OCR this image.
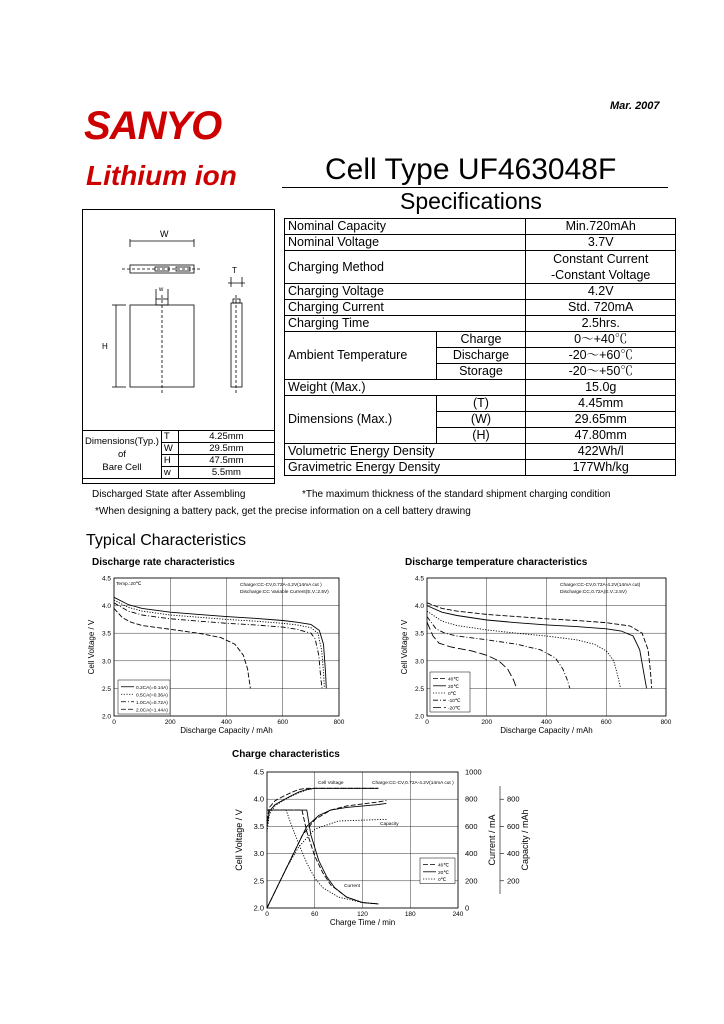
Mar. 2007
SANYO
Lithium ion	Cell Type UF463048F
Specifications
W
T
w
H
Dimensions(Typ.)
of
Bare Cell	T	4.25mm
	W	29.5mm
	H	47.5mm
	w	5.5mm
Nominal Capacity		Min.720mAh
Nominal Voltage		3.7V
Charging Method		Constant Current
-Constant Voltage

Charging Voltage		4.2V
Charging Current		Std. 720mA
Charging Time		2.5hrs.
Ambient Temperature	Charge	0～+40℃
	Discharge	-20～+60℃
	Storage	-20～+50℃
Weight (Max.)		15.0g
Dimensions (Max.)	(T)	4.45mm
	(W)	29.65mm
	(H)	47.80mm
Volumetric Energy Density		422Wh/l
Gravimetric Energy Density		177Wh/kg
Discharged State after Assembling	*The maximum thickness of the standard shipment charging condition
*When designing a battery pack, get the precise information on a cell battery drawing
Typical Characteristics
Discharge rate characteristics	Discharge temperature characteristics
Charge characteristics
0	200	400	600	800
2.0
2.5
3.0
3.5
4.0
4.5
Discharge Capacity / mAh
Cell Voltage / V
Temp.:20℃	Charge:CC-CV,0.72A-4.2V(14mA cut )
Discharge:CC Variable Current(E.V.:2.5V)
0.2CA(=0.14A)
0.5CA(=0.36A)
1.0CA(=0.72A)
2.0CA(=1.44A)
0	200	400	600	800
2.0
2.5
3.0
3.5
4.0
4.5
Discharge Capacity / mAh
Cell Voltage / V
Charge:CC-CV,0.72A-4.2V(14mA cut)
Discharge:CC,0.72A(E.V.:2.5V)
40℃
20℃
0℃
-10℃
-20℃
0	60	120	180	240
2.0
2.5
3.0
3.5
4.0
4.5
Charge Time / min
Cell Voltage / V
0
200
400
600
800
1000
200
400
600
800
Current / mA	Capacity / mAh
Cell Voltage	Charge:CC-CV,0.72A-4.2V(14mA cut )
Capacity
Current
40℃
20℃
0℃
